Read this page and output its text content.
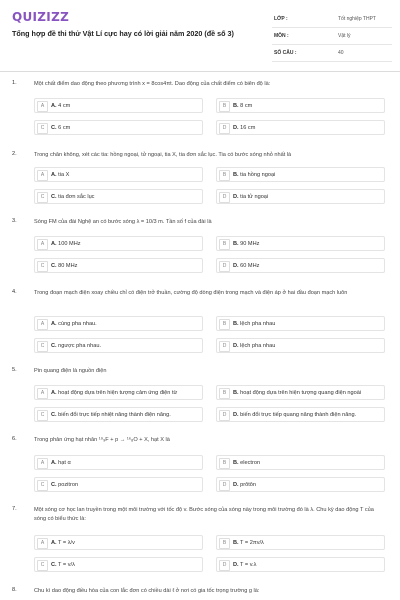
QUIZIZZ
Tổng hợp đề thi thử Vật Lí cực hay có lời giải năm 2020 (đề số 3)
LỚP :	Tốt nghiệp THPT
MÔN :	Vật lý
SỐ CÂU :	40
1.	Một chất điểm dao động theo phương trình x = 8cos4πt. Dao động của chất điểm có biên độ là:
A	A. 4 cm	B	B. 8 cm
C	C. 6 cm	D	D. 16 cm
2.	Trong chân không, xét các tia: hồng ngoại, tử ngoại, tia X, tia đơn sắc lục. Tia có bước sóng nhỏ nhất là
A	A. tia X	B	B. tia hồng ngoại
C	C. tia đơn sắc lục	D	D. tia tử ngoại
3.	Sóng FM của đài Nghệ an có bước sóng λ = 10/3 m. Tần số f của đài là
A	A. 100 MHz	B	B. 90 MHz
C	C. 80 MHz	D	D. 60 MHz
4.	Trong đoạn mạch điện xoay chiều chỉ có điện trở thuần, cường độ dòng điện trong mạch và điện áp ở hai đầu đoạn mạch luôn
A	A. cùng pha nhau.	B	B. lệch pha nhau
C	C. ngược pha nhau.	D	D. lệch pha nhau
5.	Pin quang điện là nguồn điện
A	A. hoạt động dựa trên hiện tượng cảm ứng điện từ	B	B. hoạt động dựa trên hiện tượng quang điện ngoài
C	C. biến đổi trực tiếp nhiệt năng thành điện năng.	D	D. biến đổi trực tiếp quang năng thành điện năng.
6.	Trong phản ứng hạt nhân ¹⁹₉F + p → ¹⁶₈O + X, hạt X là
A	A. hạt α	B	B. electron
C	C. pozitron	D	D. prôtôn
7.	Một sóng cơ học lan truyền trong một môi trường với tốc độ v. Bước sóng của sóng này trong môi trường đó là λ. Chu kỳ dao động T của sóng có biểu thức là:
A	A. T = λ/v	B	B. T = 2πv/λ
C	C. T = v/λ	D	D. T = v.λ
8.	Chu kì dao động điều hòa của con lắc đơn có chiều dài ℓ ở nơi có gia tốc trọng trường g là:
